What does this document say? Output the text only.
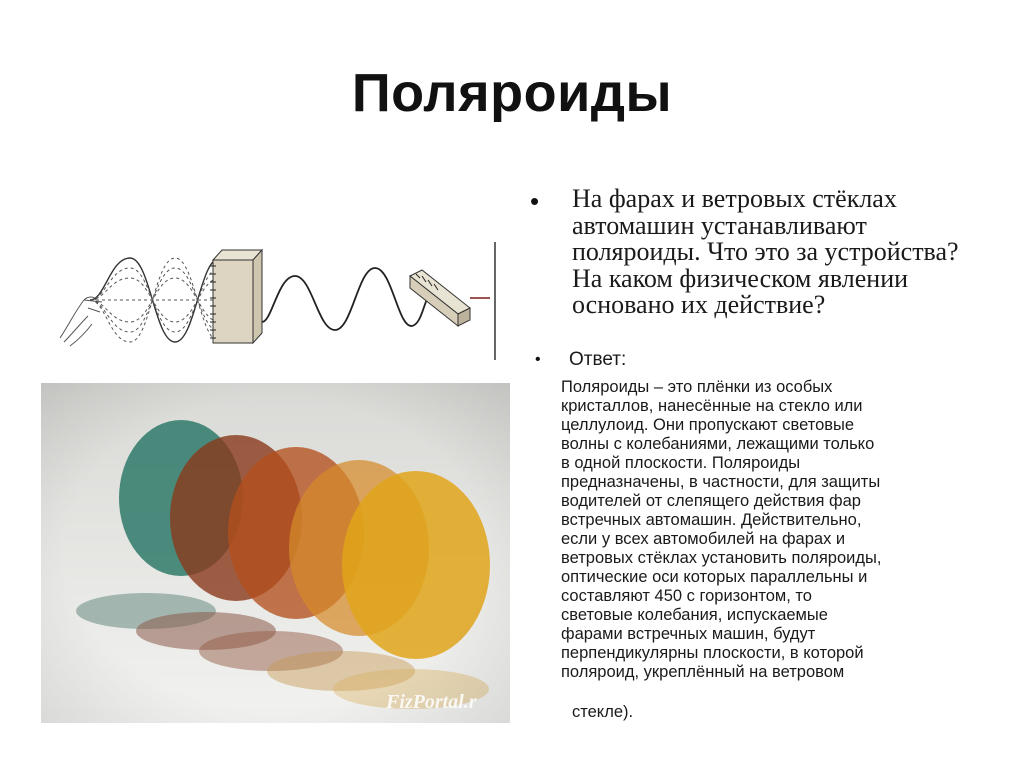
Поляроиды
FizPortal.r
• На фарах и ветровых стёклах автомашин устанавливают поляроиды. Что это за устройства? На каком физическом явлении основано их действие?
• Ответ:
Поляроиды – это плёнки из особых
кристаллов, нанесённые на стекло или
целлулоид. Они пропускают световые
волны с колебаниями, лежащими только
в одной плоскости. Поляроиды
предназначены, в частности, для защиты
водителей от слепящего действия фар
встречных автомашин. Действительно,
если у всех автомобилей на фарах и
ветровых стёклах установить поляроиды,
оптические оси которых параллельны и
составляют 450 с горизонтом, то
световые колебания, испускаемые
фарами встречных машин, будут
перпендикулярны плоскости, в которой
поляроид, укреплённый на ветровом
стекле).
